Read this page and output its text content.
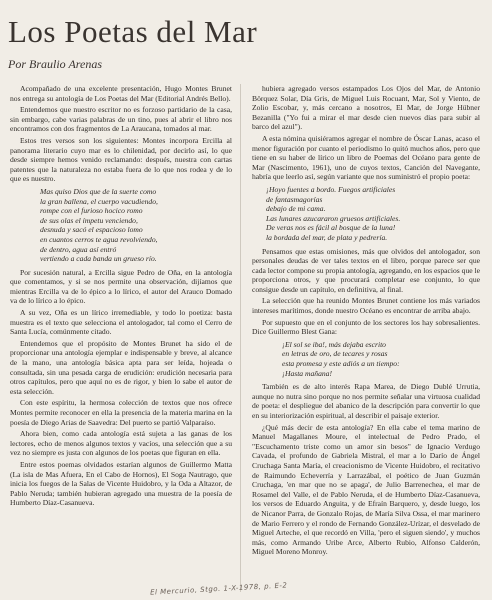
Los Poetas del Mar
Por Braulio Arenas

Acompañado de una excelente presentación, Hugo Montes Brunet nos entrega su antología de Los Poetas del Mar (Editorial Andrés Bello).

Entendemos que nuestro escritor no es forzoso partidario de la casa, sin embargo, cabe varias palabras de un tino, pues al abrir el libro nos encontramos con dos fragmentos de La Araucana, tomados al mar.

Estos tres versos son los siguientes: Montes incorpora Ercilla al panorama literario cuyo mar es lo chilenidad, por decirlo así, lo que desde siempre hemos venido reclamando: después, nuestra con cartas patentes que la naturaleza no estaba fuera de lo que nos rodea y de lo que es nuestro.

Mas quiso Dios que de la suerte como
la gran ballena, el cuerpo vacudiendo,
rompe con el furioso hocico romo
de sus olas el ímpetu venciendo,
desnuda y sacó el espacioso lomo
en cuantos cerros te agua revolviendo,
de dentro, agua así entró
vertiendo a cada banda un grueso río.

Por sucesión natural, a Ercilla sigue Pedro de Oña, en la antología que comentamos, y si se nos permite una observación, dijíamos que mientras Ercilla va de lo épico a lo lírico, el autor del Arauco Domado va de lo lírico a lo épico.

A su vez, Oña es un lírico irremediable, y todo lo poetiza: basta muestra es el texto que selecciona el antologador, tal como el Cerro de Santa Lucía, comúnmente citado.

Entendemos que el propósito de Montes Brunet ha sido el de proporcionar una antología ejemplar e indispensable y breve, al alcance de la mano, una antología básica apta para ser leída, hojeada o consultada, sin una pesada carga de erudición: erudición necesaria para otros capítulos, pero que aquí no es de rigor, y bien lo sabe el autor de esta selección.

Con este espíritu, la hermosa colección de textos que nos ofrece Montes permite reconocer en ella la presencia de la materia marina en la poesía de Diego Arias de Saavedra: Del puerto se partió Valparaíso.

Ahora bien, como cada antología está sujeta a las ganas de los lectores, echo de menos algunos textos y vacíos, una selección que a su vez no siempre es justa con algunos de los poetas que figuran en ella.

Entre estos poemas olvidados estarían algunos de Guillermo Matta (La isla de Mas Afuera, En el Cabo de Hornos), El Soga Nautrago, que inicia los fuegos de la Salas de Vicente Huidobro, y la Oda a Altazor, de Pablo Neruda; también hubieran agregado una muestra de la poesía de Humberto Díaz-Casanueva.

hubiera agregado versos estampados Los Ojos del Mar, de Antonio Börquez Solar, Día Gris, de Miguel Luis Rocuant, Mar, Sol y Viento, de Zolio Escobar, y, más cercano a nosotros, El Mar, de Jorge Hübner Bezanilla ("Yo fui a mirar el mar desde cien nuevos dias para subir al barco del azul").

A esta nómina quisiéramos agregar el nombre de Óscar Lanas, acaso el menor figuración por cuanto el periodismo lo quitó muchos años, pero que tiene en su haber de lírico un libro de Poemas del Océano para gente de Mar (Nascimento, 1961), uno de cuyos textos, Canción del Navegante, habría que leerlo así, según variante que nos suministró el propio poeta:

¡Hoyo fuentes a bordo. Fuegos artificiales
de fantasmagorías
debajo de mi cama.
Las lunares azucararon gruesos artificiales.
De veras nos es fácil al bosque de la luna!
la bordada del mar, de plata y pedrería.

Pensamos que estas omisiones, más que olvidos del antologador, son personales deudas de ver tales textos en el libro, porque parece ser que cada lector compone su propia antología, agregando, en los espacios que le proporciona otros, y que procurará completar ese conjunto, lo que consigue desde un capítulo, en definitiva, al final.

La selección que ha reunido Montes Brunet contiene los más variados intereses marítimos, donde nuestro Océano es encontrar de arriba abajo.

Por supuesto que en el conjunto de los sectores los hay sobresalientes. Dice Guillermo Blest Gana:

¡El sol se iba!, más dejaba escrito
en letras de oro, de tecares y rosas
esta promesa y este adiós a un tiempo:
¡Hasta mañana!

También es de alto interés Rapa Marea, de Diego Dublé Urrutia, aunque no nutra sino porque no nos permite señalar una virtuosa cualidad de poeta: el despliegue del abanico de la descripción para convertir lo que en su interiorización espiritual, al describir el paisaje exterior.

¿Qué más decir de esta antología? En ella cabe el tema marino de Manuel Magallanes Moure, el intelectual de Pedro Prado, el "Escuchamento triste como un amor sin besos" de Ignacio Verdugo Cavada, el profundo de Gabriela Mistral, el mar a lo Darío de Ángel Cruchaga Santa María, el creacionismo de Vicente Huidobro, el recitativo de Raimundo Echeverría y Larrazábal, el poético de Juan Guzmán Cruchaga, 'en mar que no se apaga', de Julio Barrenechea, el mar de Rosamel del Valle, el de Pablo Neruda, el de Humberto Díaz-Casanueva, los versos de Eduardo Anguita, y de Efraín Barquero, y, desde luego, los de Nicanor Parra, de Gonzalo Rojas, de María Silva Ossa, el mar marinero de Mario Ferrero y el rondo de Fernando González-Urízar, el desvelado de Miguel Arteche, el que recordó en Villa, 'pero el siguen siendo', y muchos más, como Armando Uribe Arce, Alberto Rubio, Alfonso Calderón, Miguel Moreno Monroy.

El Mercurio, Stgo. 1-X-1978, p. E-2
